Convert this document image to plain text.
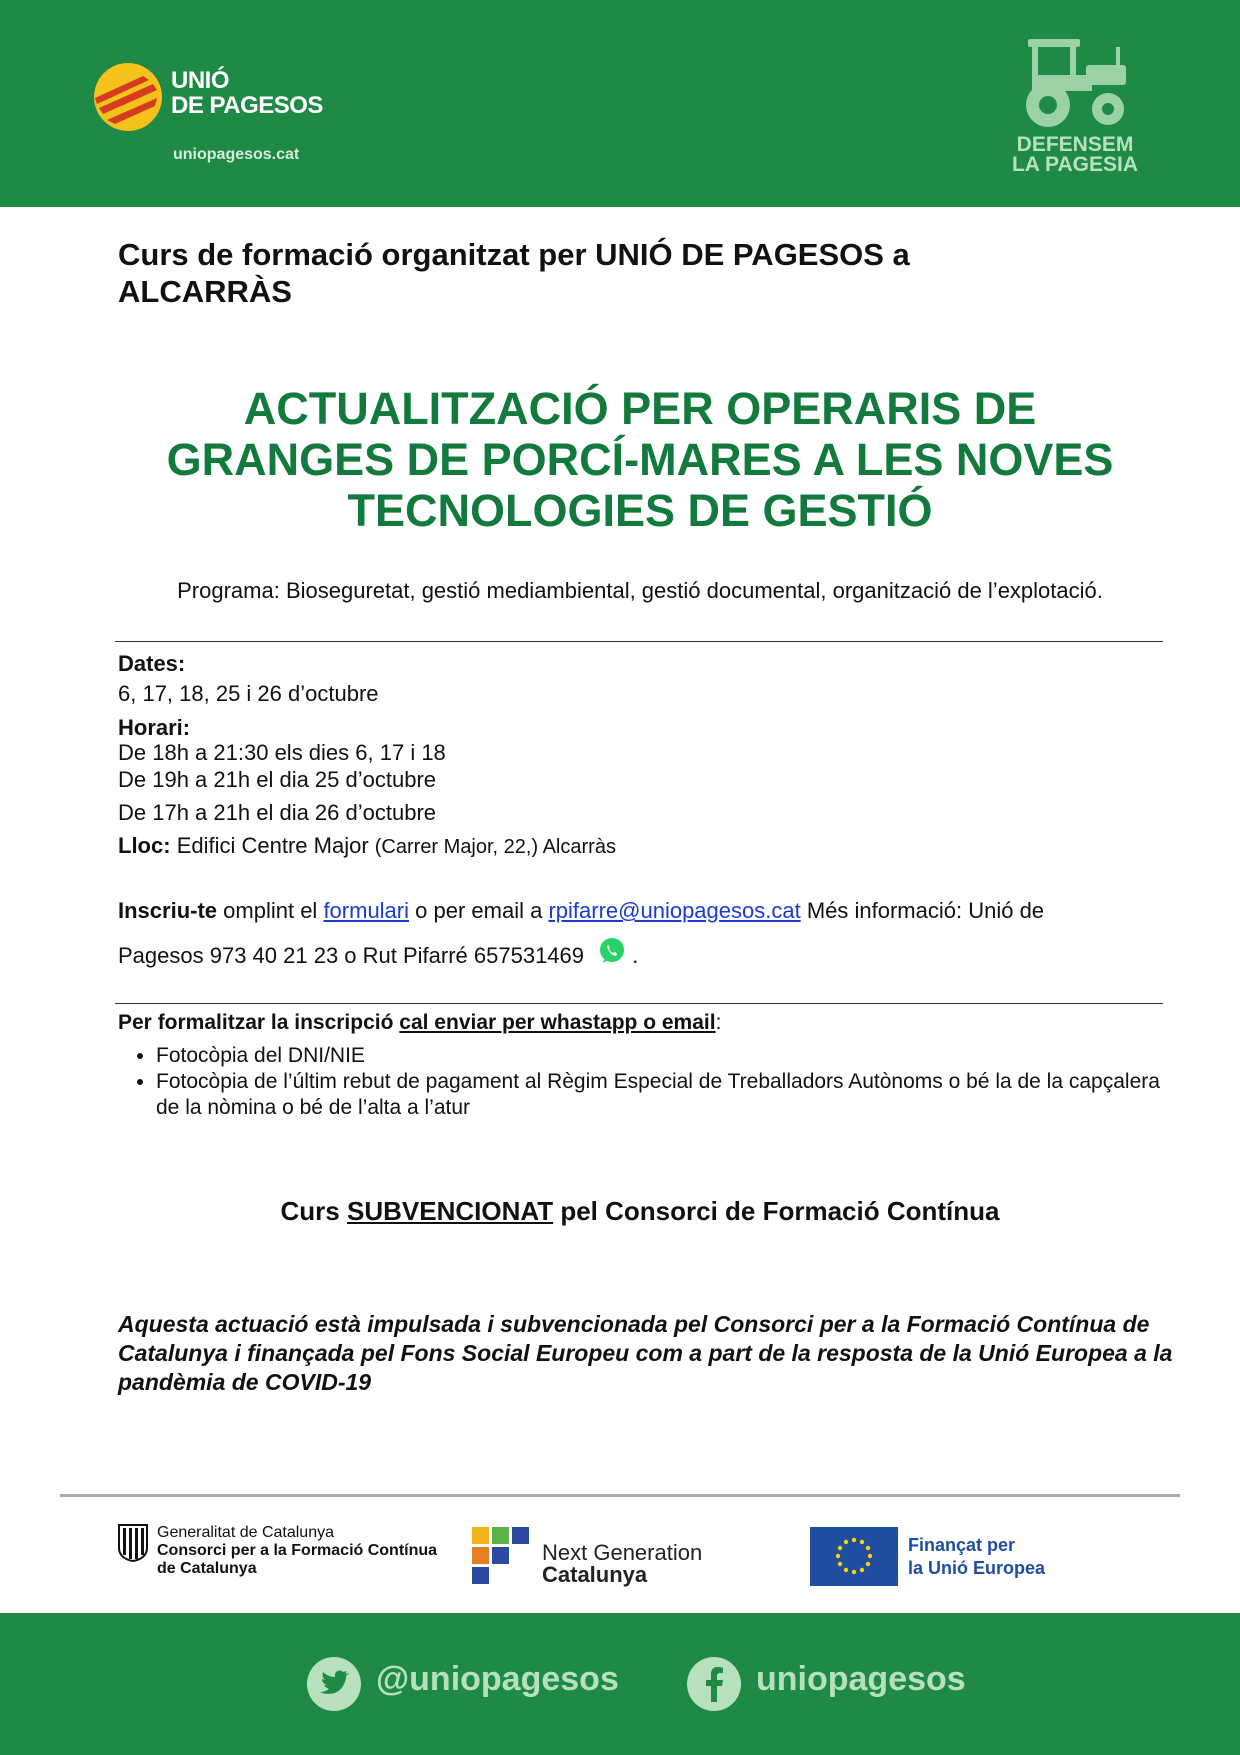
UNIÓ
DE PAGESOS
uniopagesos.cat	DEFENSEM
LA PAGESIA
Curs de formació organitzat per UNIÓ DE PAGESOS a ALCARRÀS
ACTUALITZACIÓ PER OPERARIS DE
GRANGES DE PORCÍ-MARES A LES NOVES
TECNOLOGIES DE GESTIÓ
Programa: Bioseguretat, gestió mediambiental, gestió documental, organització de l’explotació.
Dates:
6, 17, 18, 25 i 26 d’octubre
Horari:
De 18h a 21:30 els dies 6, 17 i 18
De 19h a 21h el dia 25 d’octubre
De 17h a 21h el dia 26 d’octubre
Lloc: Edifici Centre Major (Carrer Major, 22,) Alcarràs
Inscriu-te omplint el formulari o per email a rpifarre@uniopagesos.cat Més informació: Unió de
Pagesos 973 40 21 23 o Rut Pifarré 657531469 .
Per formalitzar la inscripció cal enviar per whastapp o email:
• Fotocòpia del DNI/NIE
• Fotocòpia de l’últim rebut de pagament al Règim Especial de Treballadors Autònoms o bé la de la capçalera de la nòmina o bé de l’alta a l’atur
Curs SUBVENCIONAT pel Consorci de Formació Contínua
Aquesta actuació està impulsada i subvencionada pel Consorci per a la Formació Contínua de Catalunya i finançada pel Fons Social Europeu com a part de la resposta de la Unió Europea a la pandèmia de COVID-19
Generalitat de Catalunya
Consorci per a la Formació Contínua
de Catalunya
Next Generation
Catalunya
Finançat per
la Unió Europea
@uniopagesos	uniopagesos
